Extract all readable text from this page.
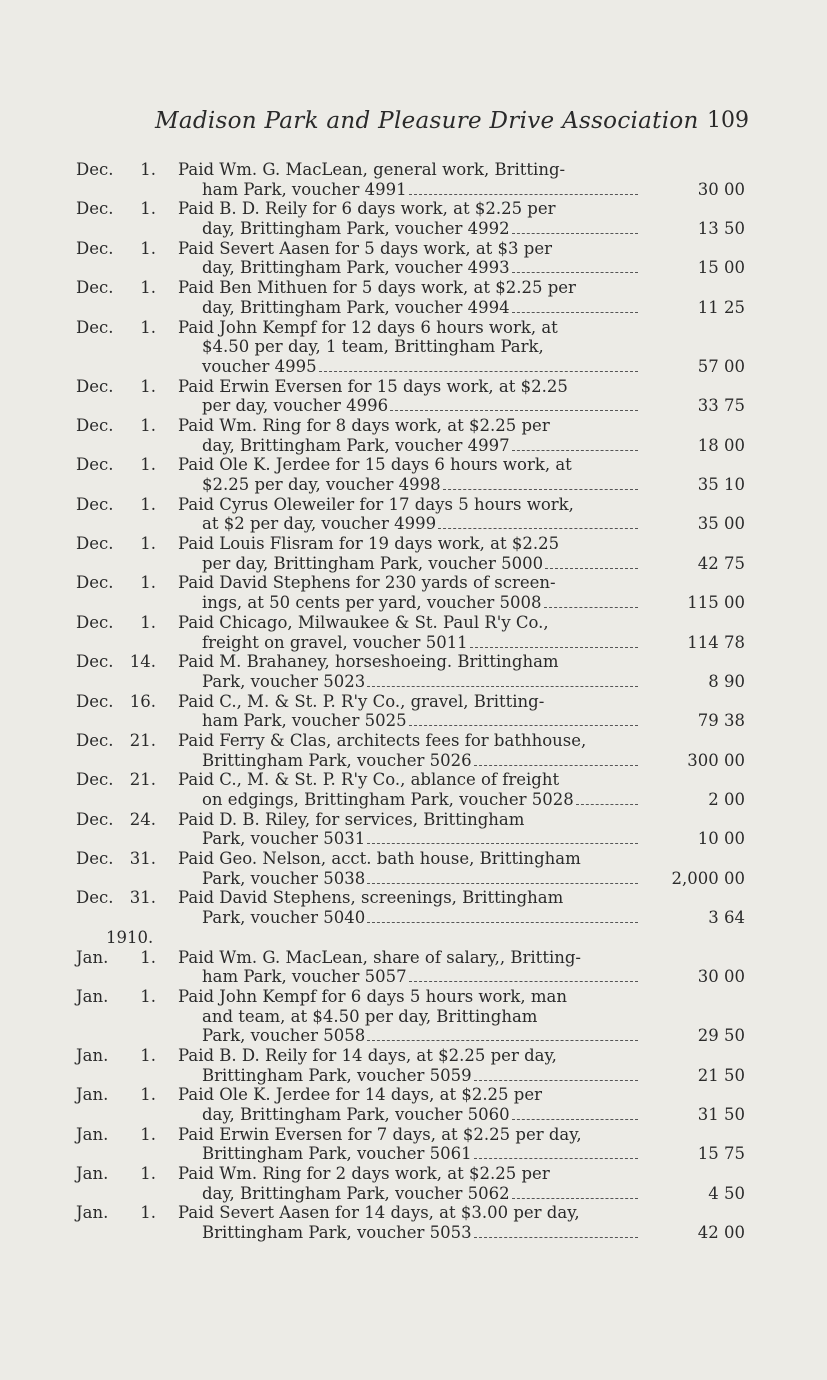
Madison Park and Pleasure Drive Association 109
Dec.	1. Paid Wm. G. MacLean, general work, Britting-
ham Park, voucher 4991	30 00
Dec.	1. Paid B. D. Reily for 6 days work, at $2.25 per
day, Brittingham Park, voucher 4992	13 50
Dec.	1. Paid Severt Aasen for 5 days work, at $3 per
day, Brittingham Park, voucher 4993	15 00
Dec.	1. Paid Ben Mithuen for 5 days work, at $2.25 per
day, Brittingham Park, voucher 4994	11 25
Dec.	1. Paid John Kempf for 12 days 6 hours work, at
$4.50 per day, 1 team, Brittingham Park,
voucher 4995	57 00
Dec.	1. Paid Erwin Eversen for 15 days work, at $2.25
per day, voucher 4996	33 75
Dec.	1. Paid Wm. Ring for 8 days work, at $2.25 per
day, Brittingham Park, voucher 4997	18 00
Dec.	1. Paid Ole K. Jerdee for 15 days 6 hours work, at
$2.25 per day, voucher 4998	35 10
Dec.	1. Paid Cyrus Oleweiler for 17 days 5 hours work,
at $2 per day, voucher 4999	35 00
Dec.	1. Paid Louis Flisram for 19 days work, at $2.25
per day, Brittingham Park, voucher 5000	42 75
Dec.	1. Paid David Stephens for 230 yards of screen-
ings, at 50 cents per yard, voucher 5008	115 00
Dec.	1. Paid Chicago, Milwaukee & St. Paul R'y Co.,
freight on gravel, voucher 5011	114 78
Dec. 14. Paid M. Brahaney, horseshoeing. Brittingham
Park, voucher 5023	8 90
Dec. 16. Paid C., M. & St. P. R'y Co., gravel, Britting-
ham Park, voucher 5025	79 38
Dec. 21. Paid Ferry & Clas, architects fees for bathhouse,
Brittingham Park, voucher 5026	300 00
Dec. 21. Paid C., M. & St. P. R'y Co., ablance of freight
on edgings, Brittingham Park, voucher 5028	2 00
Dec. 24. Paid D. B. Riley, for services, Brittingham
Park, voucher 5031	10 00
Dec. 31. Paid Geo. Nelson, acct. bath house, Brittingham
Park, voucher 5038	2,000 00
Dec. 31. Paid David Stephens, screenings, Brittingham
Park, voucher 5040	3 64
1910.
Jan.	1. Paid Wm. G. MacLean, share of salary,, Britting-
ham Park, voucher 5057	30 00
Jan.	1. Paid John Kempf for 6 days 5 hours work, man
and team, at $4.50 per day, Brittingham
Park, voucher 5058	29 50
Jan.	1. Paid B. D. Reily for 14 days, at $2.25 per day,
Brittingham Park, voucher 5059	21 50
Jan.	1. Paid Ole K. Jerdee for 14 days, at $2.25 per
day, Brittingham Park, voucher 5060	31 50
Jan.	1. Paid Erwin Eversen for 7 days, at $2.25 per day,
Brittingham Park, voucher 5061	15 75
Jan.	1. Paid Wm. Ring for 2 days work, at $2.25 per
day, Brittingham Park, voucher 5062	4 50
Jan.	1. Paid Severt Aasen for 14 days, at $3.00 per day,
Brittingham Park, voucher 5053	42 00
